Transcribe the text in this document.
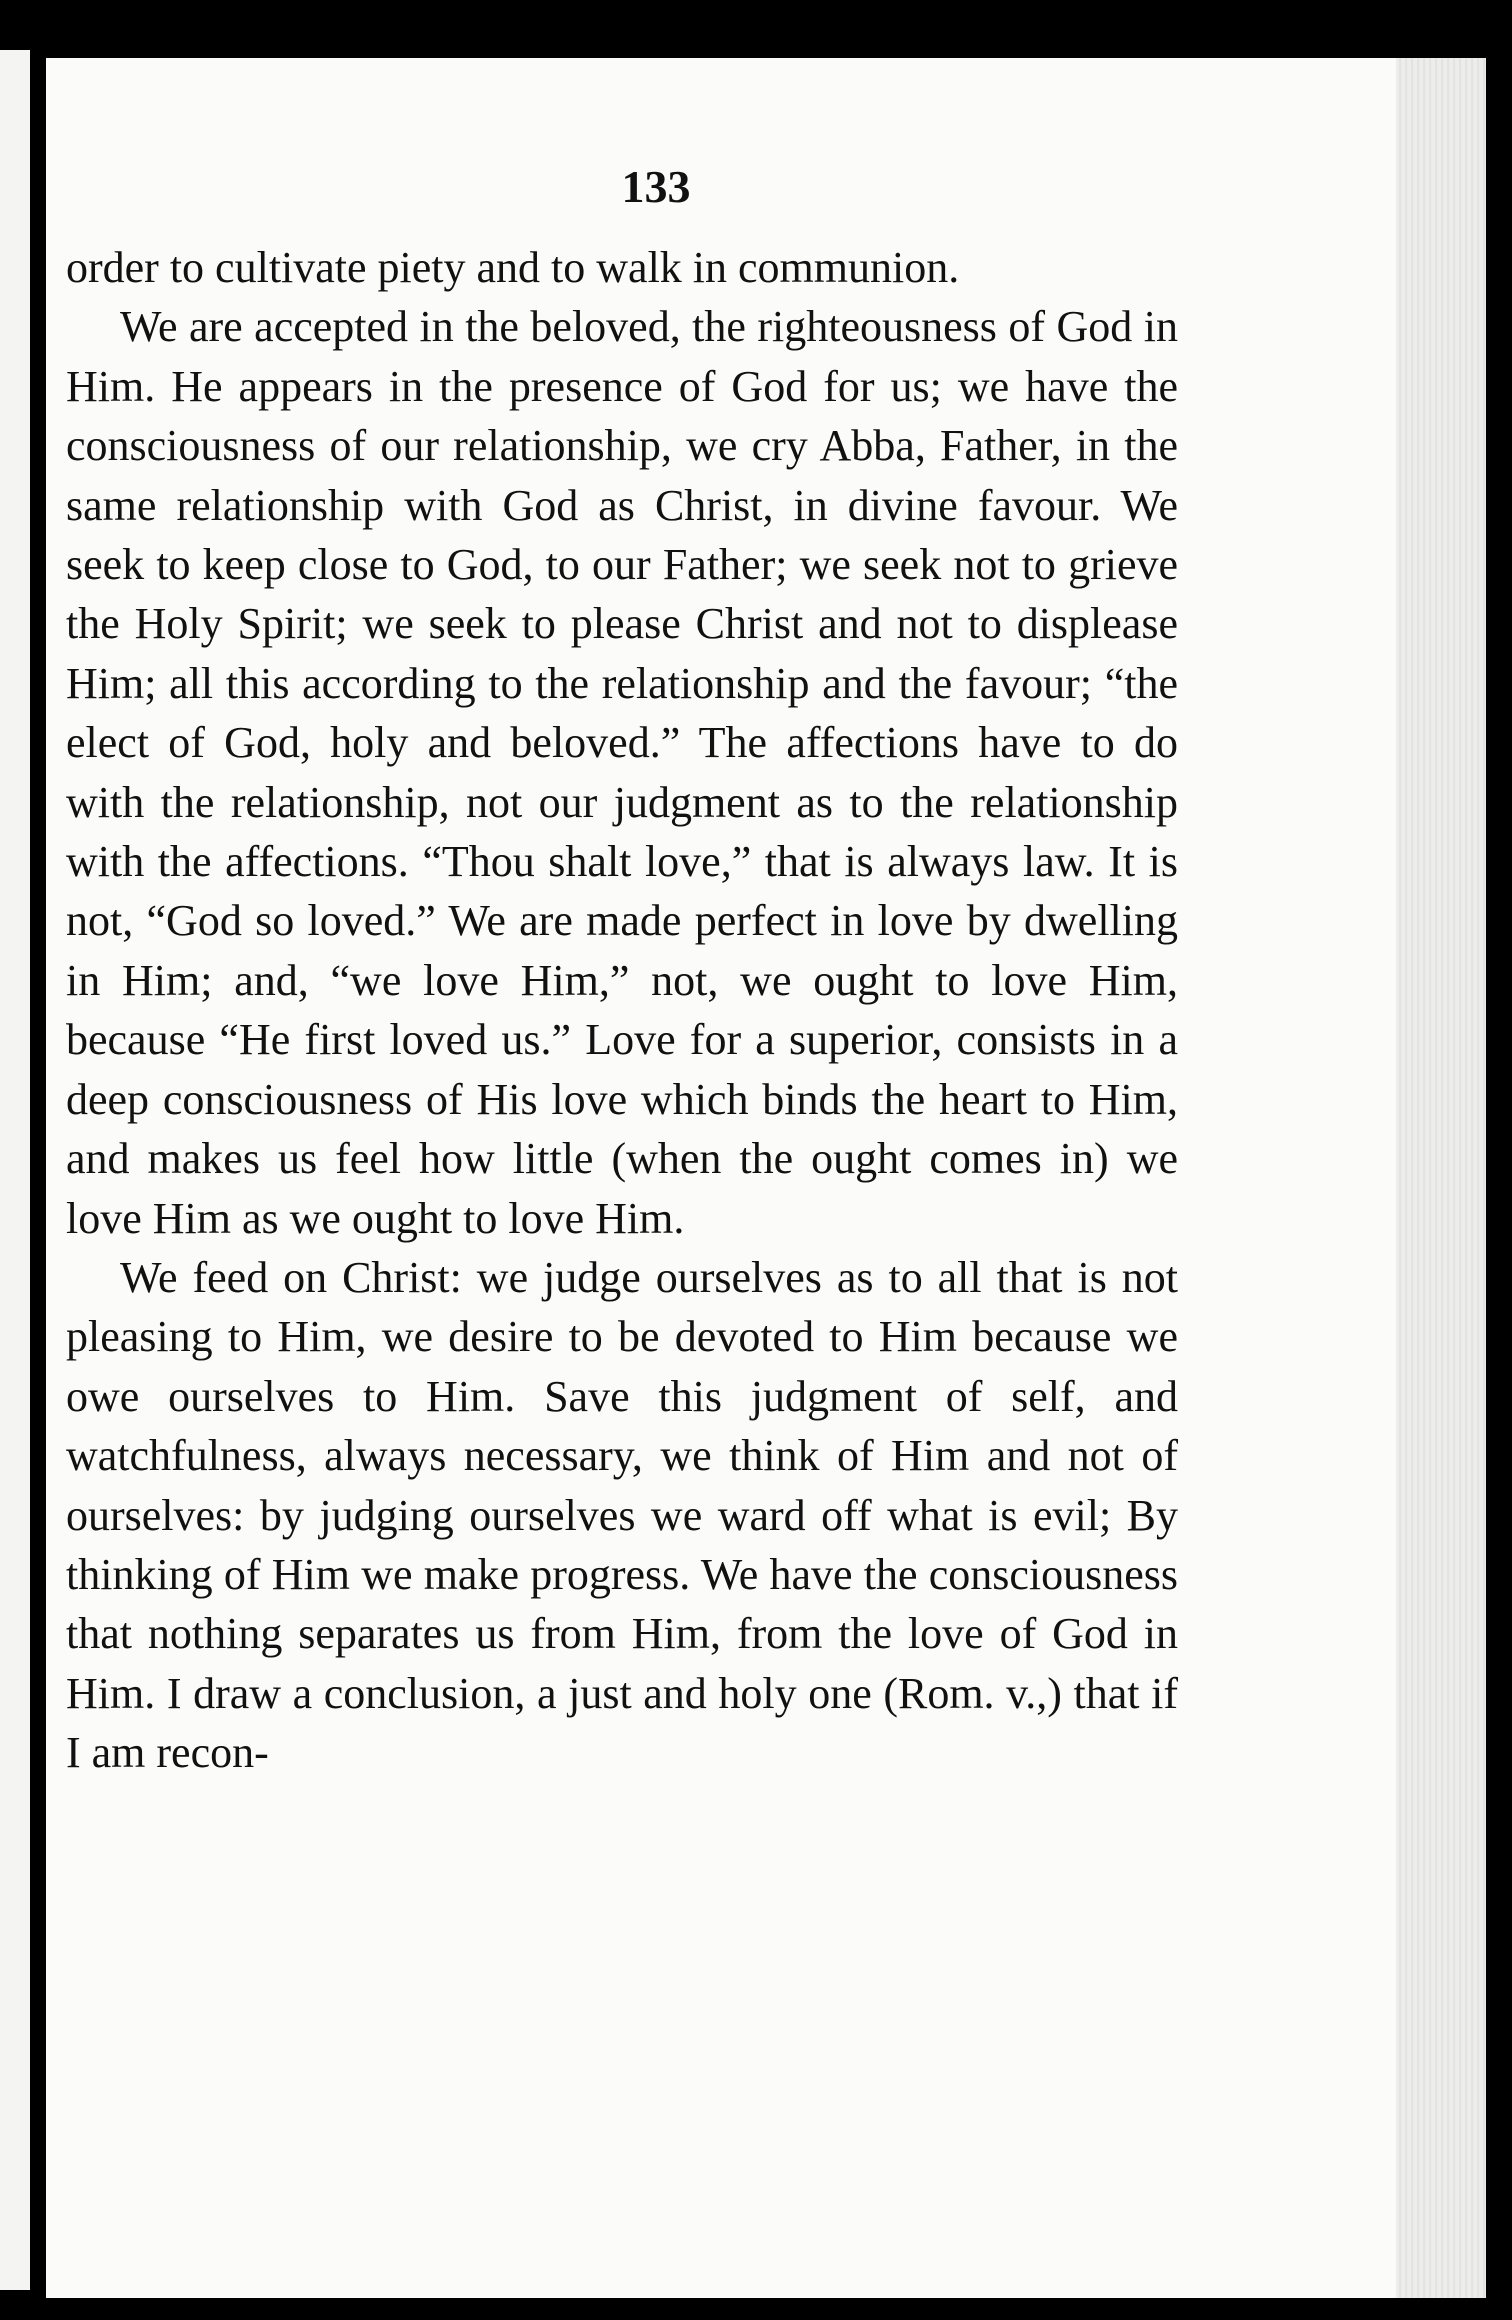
133

order to cultivate piety and to walk in communion.

We are accepted in the beloved, the righteousness of God in Him. He appears in the presence of God for us; we have the consciousness of our relationship, we cry Abba, Father, in the same relationship with God as Christ, in divine favour. We seek to keep close to God, to our Father; we seek not to grieve the Holy Spirit; we seek to please Christ and not to displease Him; all this according to the relationship and the favour; “the elect of God, holy and beloved.” The affections have to do with the relationship, not our judgment as to the relationship with the affections. “Thou shalt love,” that is always law. It is not, “God so loved.” We are made perfect in love by dwelling in Him; and, “we love Him,” not, we ought to love Him, because “He first loved us.” Love for a superior, consists in a deep consciousness of His love which binds the heart to Him, and makes us feel how little (when the ought comes in) we love Him as we ought to love Him.

We feed on Christ: we judge ourselves as to all that is not pleasing to Him, we desire to be devoted to Him because we owe ourselves to Him. Save this judgment of self, and watchfulness, always necessary, we think of Him and not of ourselves: by judging ourselves we ward off what is evil; By thinking of Him we make progress. We have the consciousness that nothing separates us from Him, from the love of God in Him. I draw a conclusion, a just and holy one (Rom. v.,) that if I am recon-
